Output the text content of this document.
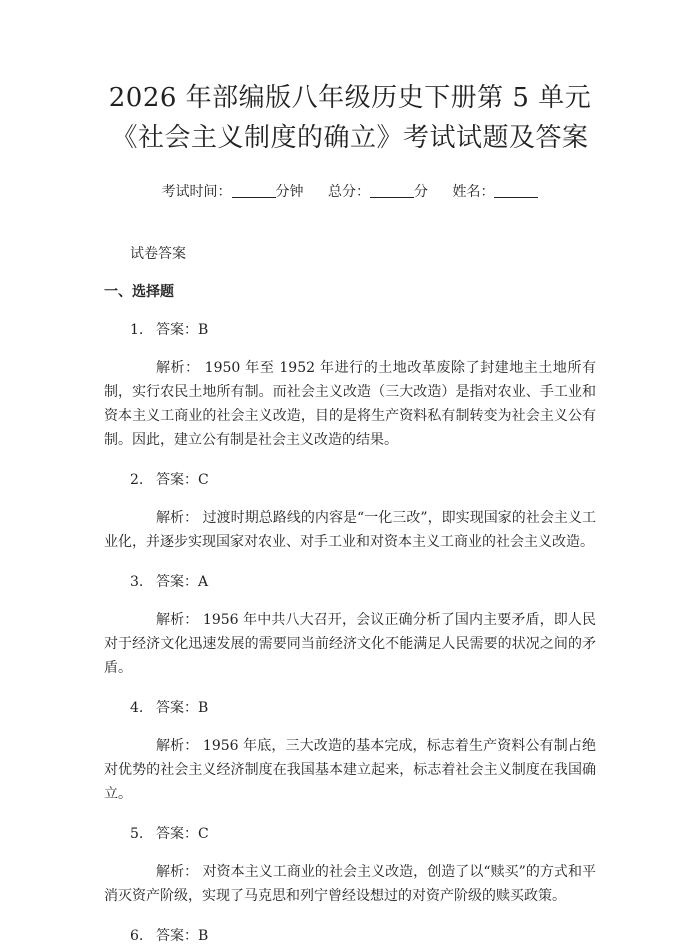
2026 年部编版八年级历史下册第 5 单元《社会主义制度的确立》考试试题及答案
考试时间：	分钟 总分：	分 姓名：
试卷答案
一、选择题
1. 答案：B
解析： 1950 年至 1952 年进行的土地改革废除了封建地主土地所有制，实行农民土地所有制。而社会主义改造（三大改造）是指对农业、手工业和资本主义工商业的社会主义改造，目的是将生产资料私有制转变为社会主义公有制。因此，建立公有制是社会主义改造的结果。
2. 答案：C
解析： 过渡时期总路线的内容是“一化三改”，即实现国家的社会主义工业化，并逐步实现国家对农业、对手工业和对资本主义工商业的社会主义改造。
3. 答案：A
解析： 1956 年中共八大召开，会议正确分析了国内主要矛盾，即人民对于经济文化迅速发展的需要同当前经济文化不能满足人民需要的状况之间的矛盾。
4. 答案：B
解析： 1956 年底，三大改造的基本完成，标志着生产资料公有制占绝对优势的社会主义经济制度在我国基本建立起来，标志着社会主义制度在我国确立。
5. 答案：C
解析： 对资本主义工商业的社会主义改造，创造了以“赎买”的方式和平消灭资产阶级，实现了马克思和列宁曾经设想过的对资产阶级的赎买政策。
6. 答案：B
